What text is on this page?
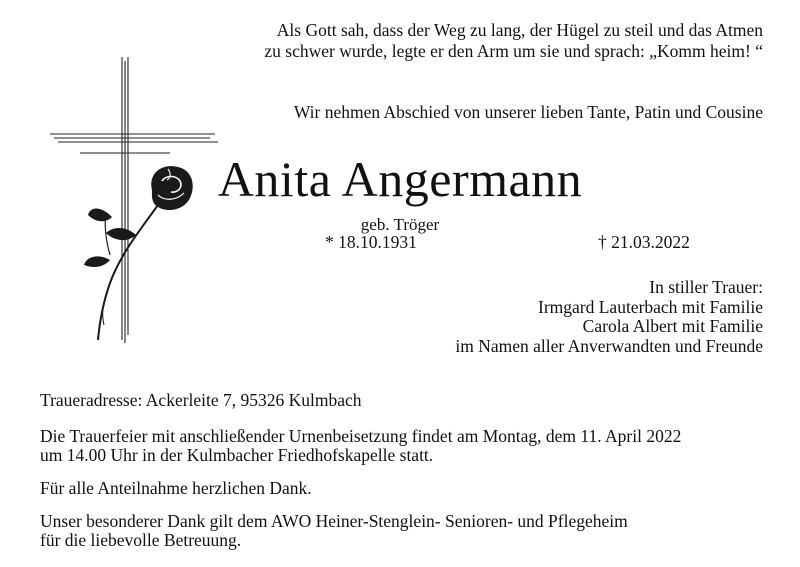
Als Gott sah, dass der Weg zu lang, der Hügel zu steil und das Atmen
zu schwer wurde, legte er den Arm um sie und sprach: „Komm heim! “
Wir nehmen Abschied von unserer lieben Tante, Patin und Cousine
Anita Angermann
geb. Tröger
* 18.10.1931	† 21.03.2022
In stiller Trauer:
Irmgard Lauterbach mit Familie
Carola Albert mit Familie
im Namen aller Anverwandten und Freunde
Traueradresse: Ackerleite 7, 95326 Kulmbach
Die Trauerfeier mit anschließender Urnenbeisetzung findet am Montag, dem 11. April 2022
um 14.00 Uhr in der Kulmbacher Friedhofskapelle statt.
Für alle Anteilnahme herzlichen Dank.
Unser besonderer Dank gilt dem AWO Heiner-Stenglein- Senioren- und Pflegeheim
für die liebevolle Betreuung.
